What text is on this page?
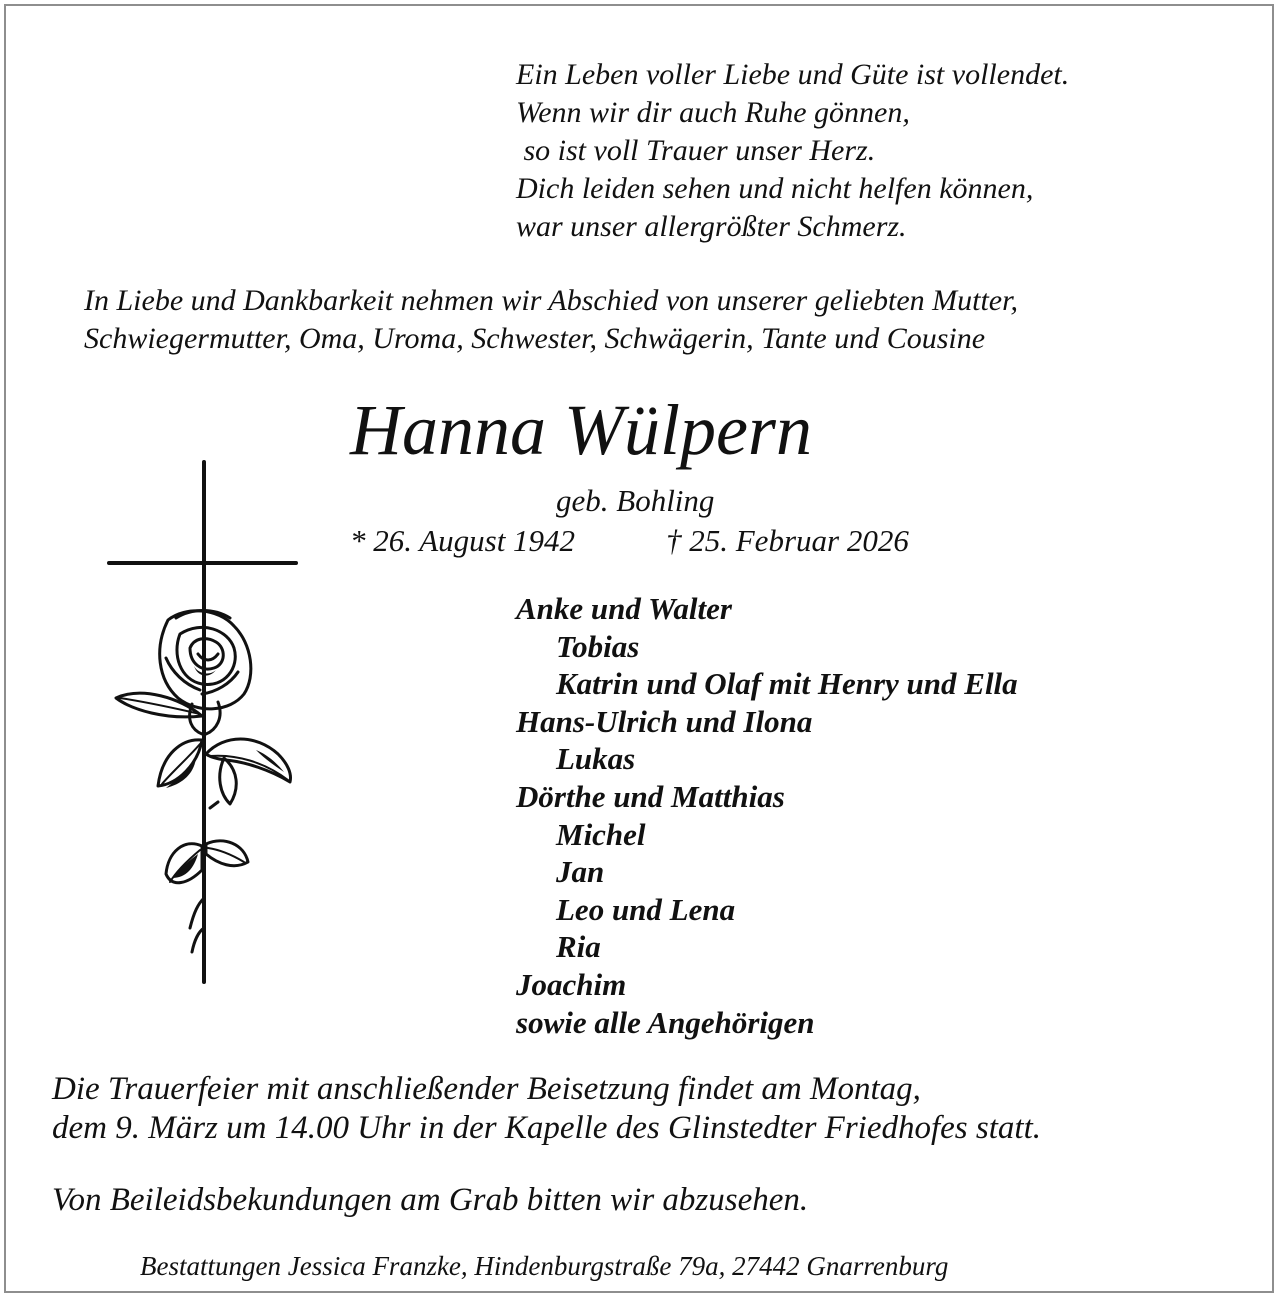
Ein Leben voller Liebe und Güte ist vollendet.
Wenn wir dir auch Ruhe gönnen,
so ist voll Trauer unser Herz.
Dich leiden sehen und nicht helfen können,
war unser allergrößter Schmerz.
In Liebe und Dankbarkeit nehmen wir Abschied von unserer geliebten Mutter,
Schwiegermutter, Oma, Uroma, Schwester, Schwägerin, Tante und Cousine
Hanna Wülpern
geb. Bohling
* 26. August 1942	† 25. Februar 2026
Anke und Walter
Tobias
Katrin und Olaf mit Henry und Ella
Hans-Ulrich und Ilona
Lukas
Dörthe und Matthias
Michel
Jan
Leo und Lena
Ria
Joachim
sowie alle Angehörigen
Die Trauerfeier mit anschließender Beisetzung findet am Montag,
dem 9. März um 14.00 Uhr in der Kapelle des Glinstedter Friedhofes statt.
Von Beileidsbekundungen am Grab bitten wir abzusehen.
Bestattungen Jessica Franzke, Hindenburgstraße 79a, 27442 Gnarrenburg
